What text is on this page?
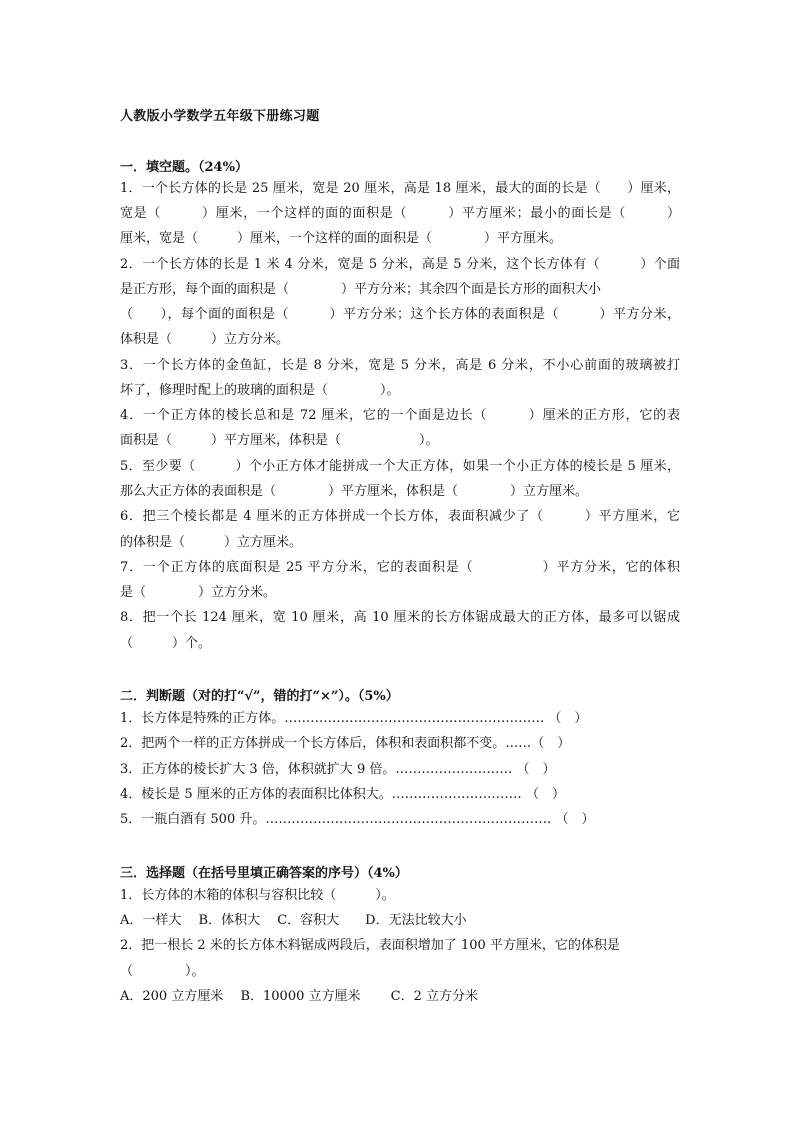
人教版小学数学五年级下册练习题
一．填空题。（24%）
1．一个长方体的长是 25 厘米，宽是 20 厘米，高是 18 厘米，最大的面的长是（　　）厘米，
宽是（　　　）厘米，一个这样的面的面积是（　　　）平方厘米；最小的面长是（　　　）
厘米，宽是（　　　）厘米，一个这样的面的面积是（　　　　）平方厘米。
2．一个长方体的长是 1 米 4 分米，宽是 5 分米，高是 5 分米，这个长方体有（　　　）个面
是正方形，每个面的面积是（　　　　）平方分米；其余四个面是长方形的面积大小
（　　），每个面的面积是（　　　）平方分米；这个长方体的表面积是（　　　）平方分米，
体积是（　　　）立方分米。
3．一个长方体的金鱼缸，长是 8 分米，宽是 5 分米，高是 6 分米，不小心前面的玻璃被打
坏了，修理时配上的玻璃的面积是（　　　　）。
4．一个正方体的棱长总和是 72 厘米，它的一个面是边长（　　　）厘米的正方形，它的表
面积是（　　　）平方厘米，体积是（　　　　　　）。
5．至少要（　　　）个小正方体才能拼成一个大正方体，如果一个小正方体的棱长是 5 厘米，
那么大正方体的表面积是（　　　　）平方厘米，体积是（　　　　）立方厘米。
6．把三个棱长都是 4 厘米的正方体拼成一个长方体，表面积减少了（　　　）平方厘米，它
的体积是（　　　）立方厘米。
7．一个正方体的底面积是 25 平方分米，它的表面积是（　　　　　）平方分米，它的体积
是（　　　　）立方分米。
8．把一个长 124 厘米，宽 10 厘米，高 10 厘米的长方体锯成最大的正方体，最多可以锯成
（　　　）个。
二．判断题（对的打“√”，错的打“×”）。（5%）
1．长方体是特殊的正方体。…………………………………………………… （　）
2．把两个一样的正方体拼成一个长方体后，体积和表面积都不变。……（　）
3．正方体的棱长扩大 3 倍，体积就扩大 9 倍。……………………… （　）
4．棱长是 5 厘米的正方体的表面积比体积大。………………………… （　）
5．一瓶白酒有 500 升。………………………………………………………… （　）
三．选择题（在括号里填正确答案的序号）（4%）
1．长方体的木箱的体积与容积比较（　　　）。
A．一样大　 B．体积大　 C．容积大　　D．无法比较大小
2．把一根长 2 米的长方体木料锯成两段后，表面积增加了 100 平方厘米，它的体积是
（　　　　）。
A．200 立方厘米　 B．10000 立方厘米　　 C．2 立方分米
